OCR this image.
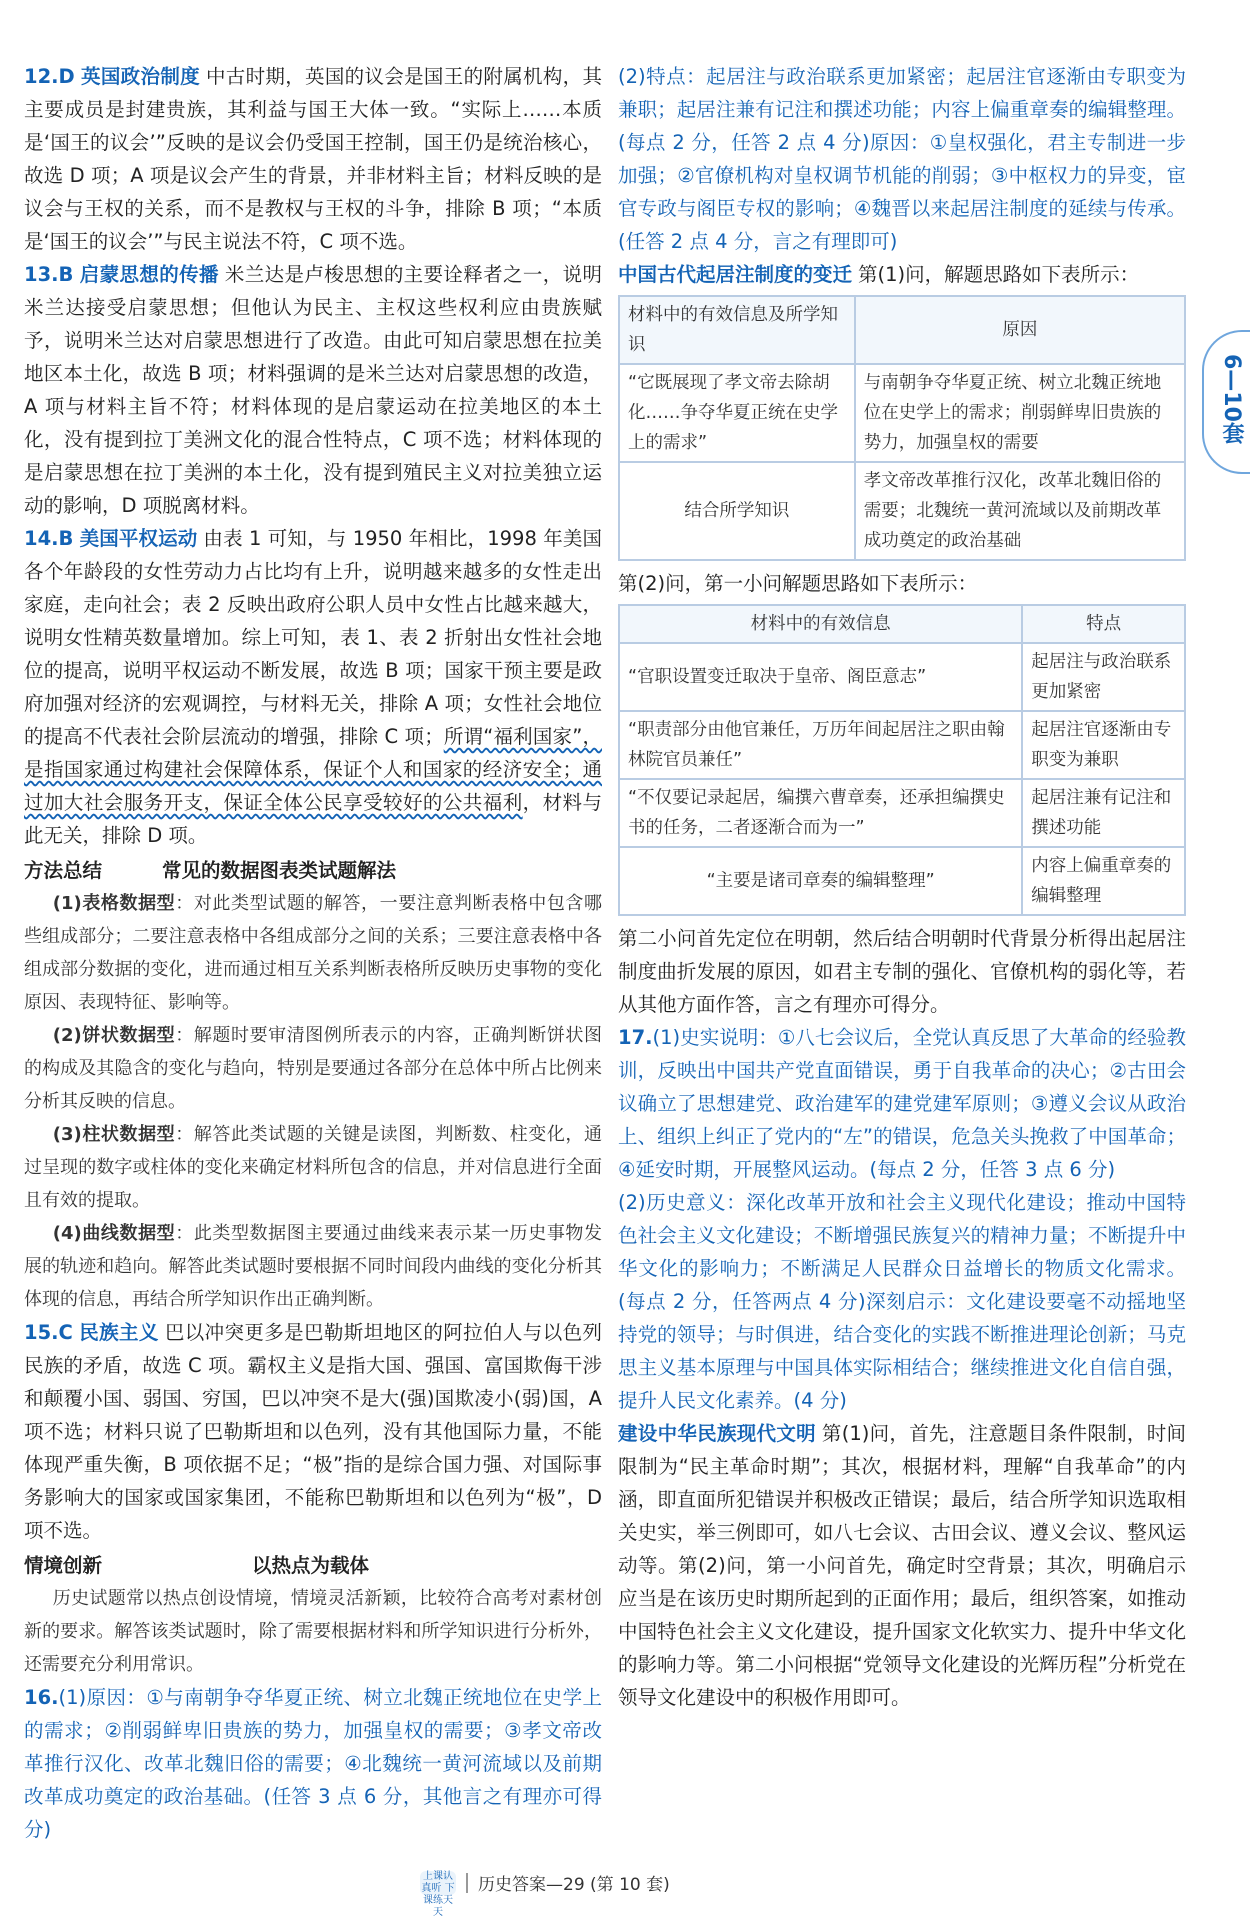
12.D 英国政治制度 中古时期，英国的议会是国王的附属机构，其主要成员是封建贵族，其利益与国王大体一致。“实际上……本质是‘国王的议会’”反映的是议会仍受国王控制，国王仍是统治核心，故选 D 项；A 项是议会产生的背景，并非材料主旨；材料反映的是议会与王权的关系，而不是教权与王权的斗争，排除 B 项；“本质是‘国王的议会’”与民主说法不符，C 项不选。

13.B 启蒙思想的传播 米兰达是卢梭思想的主要诠释者之一，说明米兰达接受启蒙思想；但他认为民主、主权这些权利应由贵族赋予，说明米兰达对启蒙思想进行了改造。由此可知启蒙思想在拉美地区本土化，故选 B 项；材料强调的是米兰达对启蒙思想的改造，A 项与材料主旨不符；材料体现的是启蒙运动在拉美地区的本土化，没有提到拉丁美洲文化的混合性特点，C 项不选；材料体现的是启蒙思想在拉丁美洲的本土化，没有提到殖民主义对拉美独立运动的影响，D 项脱离材料。

14.B 美国平权运动 由表 1 可知，与 1950 年相比，1998 年美国各个年龄段的女性劳动力占比均有上升，说明越来越多的女性走出家庭，走向社会；表 2 反映出政府公职人员中女性占比越来越大，说明女性精英数量增加。综上可知，表 1、表 2 折射出女性社会地位的提高，说明平权运动不断发展，故选 B 项；国家干预主要是政府加强对经济的宏观调控，与材料无关，排除 A 项；女性社会地位的提高不代表社会阶层流动的增强，排除 C 项；所谓“福利国家”，是指国家通过构建社会保障体系，保证个人和国家的经济安全；通过加大社会服务开支，保证全体公民享受较好的公共福利，材料与此无关，排除 D 项。

方法总结	常见的数据图表类试题解法

(1)表格数据型：对此类型试题的解答，一要注意判断表格中包含哪些组成部分；二要注意表格中各组成部分之间的关系；三要注意表格中各组成部分数据的变化，进而通过相互关系判断表格所反映历史事物的变化原因、表现特征、影响等。

(2)饼状数据型：解题时要审清图例所表示的内容，正确判断饼状图的构成及其隐含的变化与趋向，特别是要通过各部分在总体中所占比例来分析其反映的信息。

(3)柱状数据型：解答此类试题的关键是读图，判断数、柱变化，通过呈现的数字或柱体的变化来确定材料所包含的信息，并对信息进行全面且有效的提取。

(4)曲线数据型：此类型数据图主要通过曲线来表示某一历史事物发展的轨迹和趋向。解答此类试题时要根据不同时间段内曲线的变化分析其体现的信息，再结合所学知识作出正确判断。

15.C 民族主义 巴以冲突更多是巴勒斯坦地区的阿拉伯人与以色列民族的矛盾，故选 C 项。霸权主义是指大国、强国、富国欺侮干涉和颠覆小国、弱国、穷国，巴以冲突不是大(强)国欺凌小(弱)国，A 项不选；材料只说了巴勒斯坦和以色列，没有其他国际力量，不能体现严重失衡，B 项依据不足；“极”指的是综合国力强、对国际事务影响大的国家或国家集团，不能称巴勒斯坦和以色列为“极”，D 项不选。

情境创新	以热点为载体

历史试题常以热点创设情境，情境灵活新颖，比较符合高考对素材创新的要求。解答该类试题时，除了需要根据材料和所学知识进行分析外，还需要充分利用常识。

16.(1)原因：①与南朝争夺华夏正统、树立北魏正统地位在史学上的需求；②削弱鲜卑旧贵族的势力，加强皇权的需要；③孝文帝改革推行汉化、改革北魏旧俗的需要；④北魏统一黄河流域以及前期改革成功奠定的政治基础。(任答 3 点 6 分，其他言之有理亦可得分)

(2)特点：起居注与政治联系更加紧密；起居注官逐渐由专职变为兼职；起居注兼有记注和撰述功能；内容上偏重章奏的编辑整理。(每点 2 分，任答 2 点 4 分)原因：①皇权强化，君主专制进一步加强；②官僚机构对皇权调节机能的削弱；③中枢权力的异变，宦官专政与阁臣专权的影响；④魏晋以来起居注制度的延续与传承。(任答 2 点 4 分，言之有理即可)

中国古代起居注制度的变迁 第(1)问，解题思路如下表所示：

材料中的有效信息及所学知识	原因
“它既展现了孝文帝去除胡化……争夺华夏正统在史学上的需求”	与南朝争夺华夏正统、树立北魏正统地位在史学上的需求；削弱鲜卑旧贵族的势力，加强皇权的需要
结合所学知识	孝文帝改革推行汉化，改革北魏旧俗的需要；北魏统一黄河流域以及前期改革成功奠定的政治基础

第(2)问，第一小问解题思路如下表所示：

材料中的有效信息	特点
“官职设置变迁取决于皇帝、阁臣意志”	起居注与政治联系更加紧密
“职责部分由他官兼任，万历年间起居注之职由翰林院官员兼任”	起居注官逐渐由专职变为兼职
“不仅要记录起居，编撰六曹章奏，还承担编撰史书的任务，二者逐渐合而为一”	起居注兼有记注和撰述功能
“主要是诸司章奏的编辑整理”	内容上偏重章奏的编辑整理

第二小问首先定位在明朝，然后结合明朝时代背景分析得出起居注制度曲折发展的原因，如君主专制的强化、官僚机构的弱化等，若从其他方面作答，言之有理亦可得分。

17.(1)史实说明：①八七会议后，全党认真反思了大革命的经验教训，反映出中国共产党直面错误，勇于自我革命的决心；②古田会议确立了思想建党、政治建军的建党建军原则；③遵义会议从政治上、组织上纠正了党内的“左”的错误，危急关头挽救了中国革命；④延安时期，开展整风运动。(每点 2 分，任答 3 点 6 分)

(2)历史意义：深化改革开放和社会主义现代化建设；推动中国特色社会主义文化建设；不断增强民族复兴的精神力量；不断提升中华文化的影响力；不断满足人民群众日益增长的物质文化需求。(每点 2 分，任答两点 4 分)深刻启示：文化建设要毫不动摇地坚持党的领导；与时俱进，结合变化的实践不断推进理论创新；马克思主义基本原理与中国具体实际相结合；继续推进文化自信自强，提升人民文化素养。(4 分)

建设中华民族现代文明 第(1)问，首先，注意题目条件限制，时间限制为“民主革命时期”；其次，根据材料，理解“自我革命”的内涵，即直面所犯错误并积极改正错误；最后，结合所学知识选取相关史实，举三例即可，如八七会议、古田会议、遵义会议、整风运动等。第(2)问，第一小问首先，确定时空背景；其次，明确启示应当是在该历史时期所起到的正面作用；最后，组织答案，如推动中国特色社会主义文化建设，提升国家文化软实力、提升中华文化的影响力等。第二小问根据“党领导文化建设的光辉历程”分析党在领导文化建设中的积极作用即可。

6—10套
上课认真听 下课练天天
历史答案—29 (第 10 套)
